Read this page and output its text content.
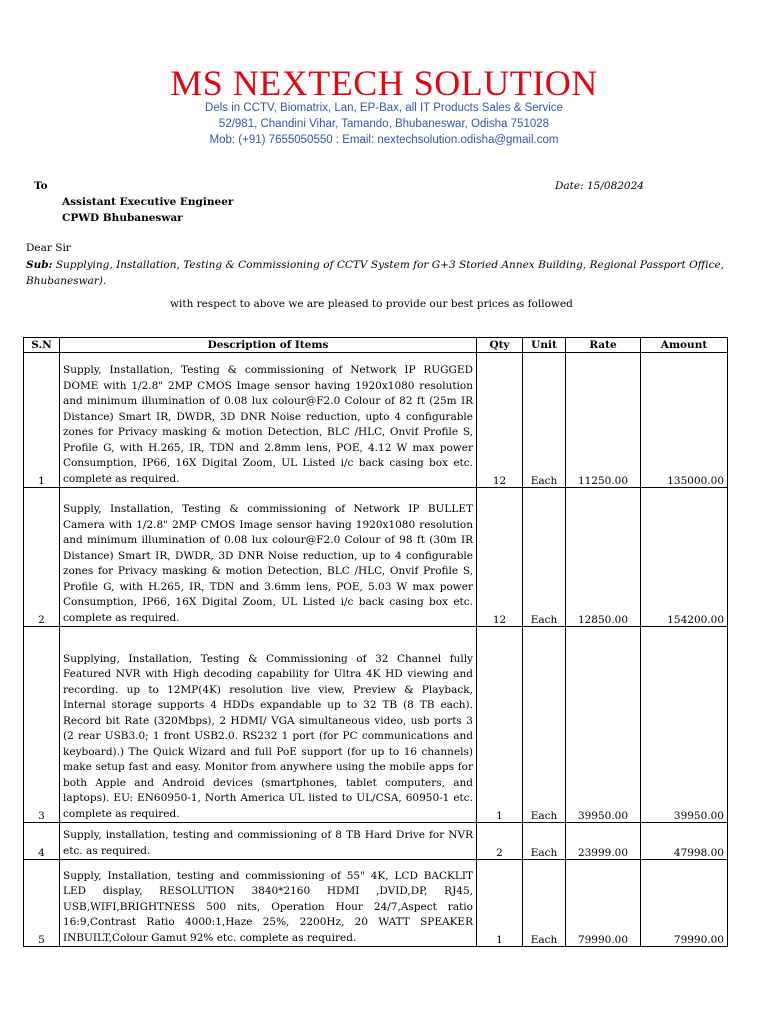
MS NEXTECH SOLUTION
Dels in CCTV, Biomatrix, Lan, EP-Bax, all IT Products Sales & Service
52/981, Chandini Vihar, Tamando, Bhubaneswar, Odisha 751028
Mob: (+91) 7655050550 : Email: nextechsolution.odisha@gmail.com
To	Date: 15/082024
Assistant Executive Engineer
CPWD Bhubaneswar
Dear Sir
Sub: Supplying, Installation, Testing & Commissioning of CCTV System for G+3 Storied Annex Building, Regional Passport Office, Bhubaneswar).
with respect to above we are pleased to provide our best prices as followed
S.N	Description of Items	Qty	Unit	Rate	Amount
1	Supply, Installation, Testing & commissioning of Network IP RUGGED DOME with 1/2.8" 2MP CMOS Image sensor having 1920x1080 resolution and minimum illumination of 0.08 lux colour@F2.0 Colour of 82 ft (25m IR Distance) Smart IR, DWDR, 3D DNR Noise reduction, upto 4 configurable zones for Privacy masking & motion Detection, BLC /HLC, Onvif Profile S, Profile G, with H.265, IR, TDN and 2.8mm lens, POE, 4.12 W max power Consumption, IP66, 16X Digital Zoom, UL Listed i/c back casing box etc. complete as required.	12	Each	11250.00	135000.00
2	Supply, Installation, Testing & commissioning of Network IP BULLET Camera with 1/2.8" 2MP CMOS Image sensor having 1920x1080 resolution and minimum illumination of 0.08 lux colour@F2.0 Colour of 98 ft (30m IR Distance) Smart IR, DWDR, 3D DNR Noise reduction, up to 4 configurable zones for Privacy masking & motion Detection, BLC /HLC, Onvif Profile S, Profile G, with H.265, IR, TDN and 3.6mm lens, POE, 5.03 W max power Consumption, IP66, 16X Digital Zoom, UL Listed i/c back casing box etc. complete as required.	12	Each	12850.00	154200.00
3	Supplying, Installation, Testing & Commissioning of 32 Channel fully Featured NVR with High decoding capability for Ultra 4K HD viewing and recording. up to 12MP(4K) resolution live view, Preview & Playback, Internal storage supports 4 HDDs expandable up to 32 TB (8 TB each). Record bit Rate (320Mbps), 2 HDMI/ VGA simultaneous video, usb ports 3 (2 rear USB3.0; 1 front USB2.0. RS232 1 port (for PC communications and keyboard).) The Quick Wizard and full PoE support (for up to 16 channels) make setup fast and easy. Monitor from anywhere using the mobile apps for both Apple and Android devices (smartphones, tablet computers, and laptops). EU: EN60950-1, North America UL listed to UL/CSA, 60950-1 etc. complete as required.	1	Each	39950.00	39950.00
4	Supply, installation, testing and commissioning of 8 TB Hard Drive for NVR etc. as required.	2	Each	23999.00	47998.00
5	Supply, Installation, testing and commissioning of 55" 4K, LCD BACKLIT LED display, RESOLUTION 3840*2160 HDMI ,DVID,DP, RJ45, USB,WIFI,BRIGHTNESS 500 nits, Operation Hour 24/7,Aspect ratio 16:9,Contrast Ratio 4000:1,Haze 25%, 2200Hz, 20 WATT SPEAKER INBUILT,Colour Gamut 92% etc. complete as required.	1	Each	79990.00	79990.00
